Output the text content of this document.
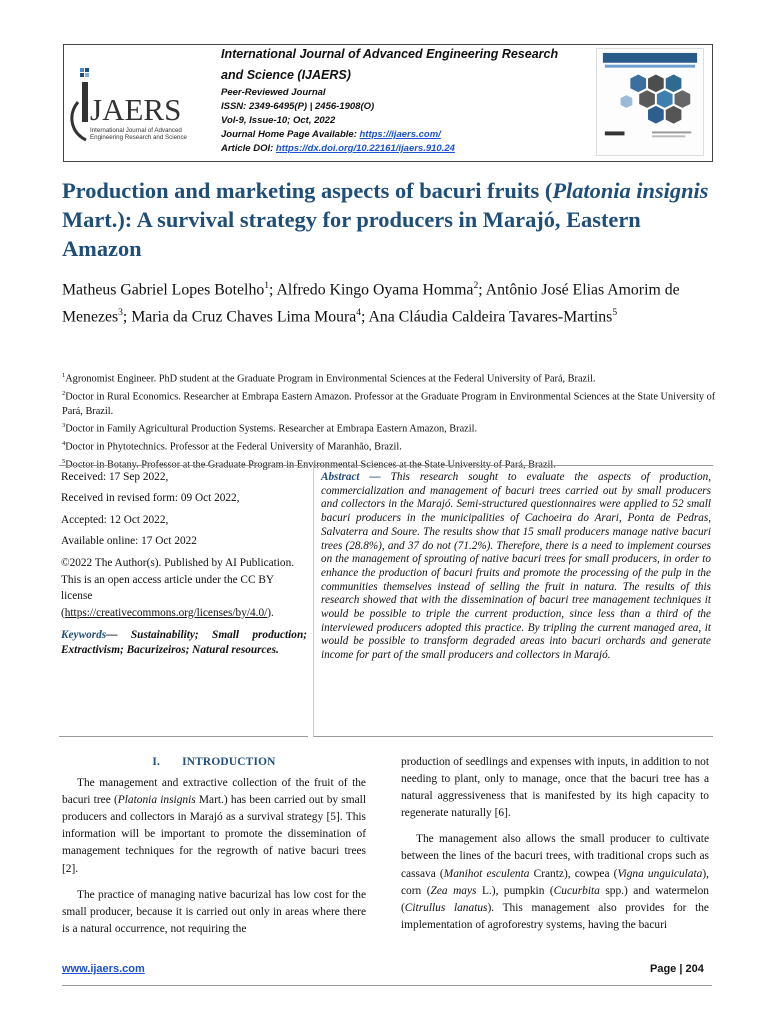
JAERS
International Journal of Advanced
Engineering Research and Science
International Journal of Advanced Engineering Research
and Science (IJAERS)
Peer-Reviewed Journal
ISSN: 2349-6495(P) | 2456-1908(O)
Vol-9, Issue-10; Oct, 2022
Journal Home Page Available: https://ijaers.com/
Article DOI: https://dx.doi.org/10.22161/ijaers.910.24
Production and marketing aspects of bacuri fruits (Platonia insignis Mart.): A survival strategy for producers in Marajó, Eastern Amazon

Matheus Gabriel Lopes Botelho$^1$; Alfredo Kingo Oyama Homma$^2$; Antônio José Elias Amorim de Menezes$^3$; Maria da Cruz Chaves Lima Moura$^4$; Ana Cláudia Caldeira Tavares-Martins$^5$

$^1$Agronomist Engineer. PhD student at the Graduate Program in Environmental Sciences at the Federal University of Pará, Brazil.
$^2$Doctor in Rural Economics. Researcher at Embrapa Eastern Amazon. Professor at the Graduate Program in Environmental Sciences at the State University of Pará, Brazil.
$^3$Doctor in Family Agricultural Production Systems. Researcher at Embrapa Eastern Amazon, Brazil.
$^4$Doctor in Phytotechnics. Professor at the Federal University of Maranhão, Brazil.
$^5$Doctor in Botany. Professor at the Graduate Program in Environmental Sciences at the State University of Pará, Brazil.
Received: 17 Sep 2022,
Received in revised form: 09 Oct 2022,
Accepted: 12 Oct 2022,
Available online: 17 Oct 2022
©2022 The Author(s). Published by AI Publication. This is an open access article under the CC BY license (https://creativecommons.org/licenses/by/4.0/).
Keywords— Sustainability; Small production; Extractivism; Bacurizeiros; Natural resources.
Abstract — This research sought to evaluate the aspects of production, commercialization and management of bacuri trees carried out by small producers and collectors in the Marajó. Semi-structured questionnaires were applied to 52 small bacuri producers in the municipalities of Cachoeira do Arari, Ponta de Pedras, Salvaterra and Soure. The results show that 15 small producers manage native bacuri trees (28.8%), and 37 do not (71.2%). Therefore, there is a need to implement courses on the management of sprouting of native bacuri trees for small producers, in order to enhance the production of bacuri fruits and promote the processing of the pulp in the communities themselves instead of selling the fruit in natura. The results of this research showed that with the dissemination of bacuri tree management techniques it would be possible to triple the current production, since less than a third of the interviewed producers adopted this practice. By tripling the current managed area, it would be possible to transform degraded areas into bacuri orchards and generate income for part of the small producers and collectors in Marajó.
I. INTRODUCTION

The management and extractive collection of the fruit of the bacuri tree (Platonia insignis Mart.) has been carried out by small producers and collectors in Marajó as a survival strategy [5]. This information will be important to promote the dissemination of management techniques for the regrowth of native bacuri trees [2].

The practice of managing native bacurizal has low cost for the small producer, because it is carried out only in areas where there is a natural occurrence, not requiring the

production of seedlings and expenses with inputs, in addition to not needing to plant, only to manage, once that the bacuri tree has a natural aggressiveness that is manifested by its high capacity to regenerate naturally [6].

The management also allows the small producer to cultivate between the lines of the bacuri trees, with traditional crops such as cassava (Manihot esculenta Crantz), cowpea (Vigna unguiculata), corn (Zea mays L.), pumpkin (Cucurbita spp.) and watermelon (Citrullus lanatus). This management also provides for the implementation of agroforestry systems, having the bacuri

www.ijaers.com	Page | 204
